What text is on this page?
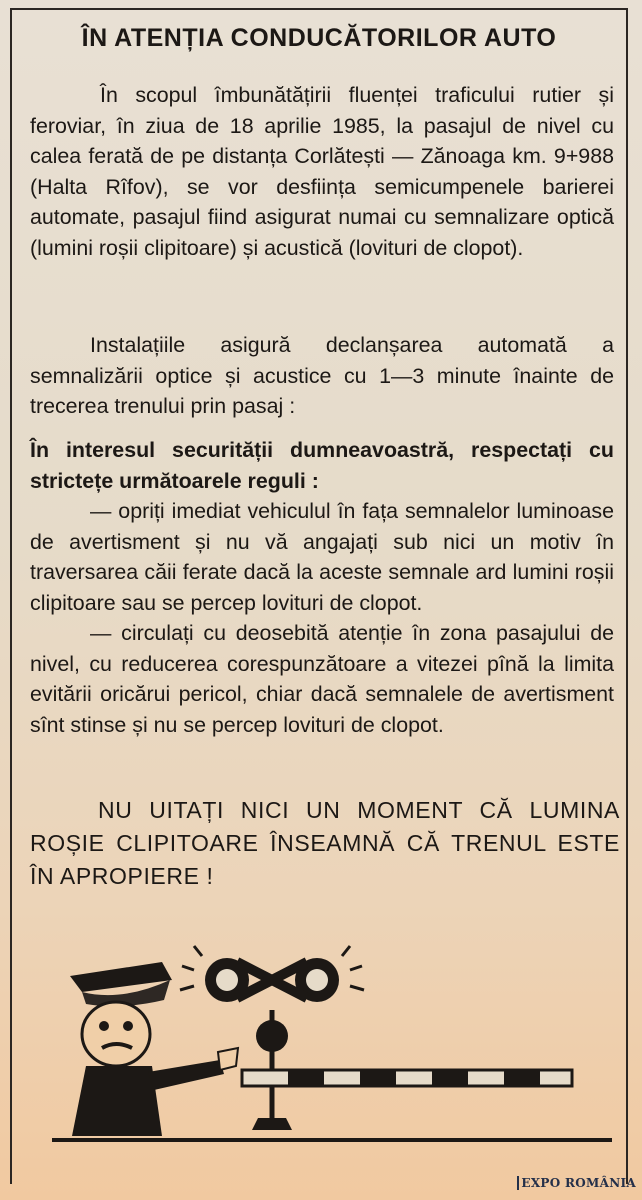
ÎN ATENȚIA CONDUCĂTORILOR AUTO
În scopul îmbunătățirii fluenței traficului rutier și feroviar, în ziua de 18 aprilie 1985, la pasajul de nivel cu calea ferată de pe distanța Corlătești — Zănoaga km. 9+988 (Halta Rîfov), se vor desființa semicumpenele barierei automate, pasajul fiind asigurat numai cu semnalizare optică (lumini roșii clipitoare) și acustică (lovituri de clopot).
Instalațiile asigură declanșarea automată a semnalizării optice și acustice cu 1—3 minute înainte de trecerea trenului prin pasaj :
În interesul securității dumneavoastră, respectați cu strictețe următoarele reguli :
— opriți imediat vehiculul în fața semnalelor luminoase de avertisment și nu vă angajați sub nici un motiv în traversarea căii ferate dacă la aceste semnale ard lumini roșii clipitoare sau se percep lovituri de clopot.
— circulați cu deosebită atenție în zona pasajului de nivel, cu reducerea corespunzătoare a vitezei pînă la limita evitării oricărui pericol, chiar dacă semnalele de avertisment sînt stinse și nu se percep lovituri de clopot.
NU UITAȚI NICI UN MOMENT CĂ LUMINA ROȘIE CLIPITOARE ÎNSEAMNĂ CĂ TRENUL ESTE ÎN APROPIERE !
EXPO ROMÂNIA
